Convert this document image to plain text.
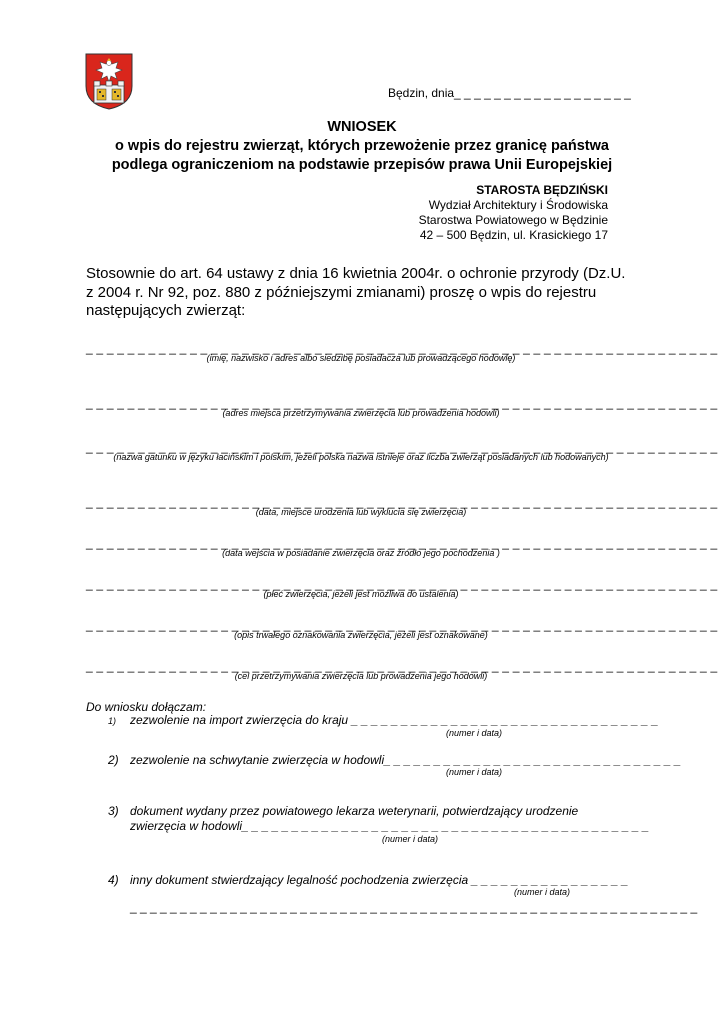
Będzin, dnia_ _ _ _ _ _ _ _ _ _ _ _ _ _ _ _ _ _
WNIOSEK
o wpis do rejestru zwierząt, których przewożenie przez granicę państwa
podlega ograniczeniom na podstawie przepisów prawa Unii Europejskiej
STAROSTA BĘDZIŃSKI
Wydział Architektury i Środowiska
Starostwa Powiatowego w Będzinie
42 – 500 Będzin, ul. Krasickiego 17
Stosownie do art. 64 ustawy z dnia 16 kwietnia 2004r. o ochronie przyrody (Dz.U. z 2004 r. Nr 92, poz. 880 z późniejszymi zmianami) proszę o wpis do rejestru następujących zwierząt:
_ _ _ _ _ _ _ _ _ _ _ _ _ _ _ _ _ _ _ _ _ _ _ _ _ _ _ _ _ _ _ _ _ _ _ _ _ _ _ _ _ _ _ _ _ _ _ _ _ _ _ _ _ _ _ _ _ _ _ _ _
(imię, nazwisko i adres albo siedzibę posiadacza lub prowadzącego hodowlę)
_ _ _ _ _ _ _ _ _ _ _ _ _ _ _ _ _ _ _ _ _ _ _ _ _ _ _ _ _ _ _ _ _ _ _ _ _ _ _ _ _ _ _ _ _ _ _ _ _ _ _ _ _ _ _ _ _ _ _ _ _
(adres miejsca przetrzymywania zwierzęcia lub prowadzenia hodowli)
_ _ _ _ _ _ _ _ _ _ _ _ _ _ _ _ _ _ _ _ _ _ _ _ _ _ _ _ _ _ _ _ _ _ _ _ _ _ _ _ _ _ _ _ _ _ _ _ _ _ _ _ _ _ _ _ _ _ _ _ _
(nazwa gatunku w języku łacińskim i polskim, jeżeli polska nazwa istnieje oraz liczba zwierząt posiadanych lub hodowanych)
_ _ _ _ _ _ _ _ _ _ _ _ _ _ _ _ _ _ _ _ _ _ _ _ _ _ _ _ _ _ _ _ _ _ _ _ _ _ _ _ _ _ _ _ _ _ _ _ _ _ _ _ _ _ _ _ _ _ _ _ _
(data, miejsce urodzenia lub wyklucia się zwierzęcia)
_ _ _ _ _ _ _ _ _ _ _ _ _ _ _ _ _ _ _ _ _ _ _ _ _ _ _ _ _ _ _ _ _ _ _ _ _ _ _ _ _ _ _ _ _ _ _ _ _ _ _ _ _ _ _ _ _ _ _ _ _
(data wejścia w posiadanie zwierzęcia oraz źródło jego pochodzenia )
_ _ _ _ _ _ _ _ _ _ _ _ _ _ _ _ _ _ _ _ _ _ _ _ _ _ _ _ _ _ _ _ _ _ _ _ _ _ _ _ _ _ _ _ _ _ _ _ _ _ _ _ _ _ _ _ _ _ _ _ _
(płeć zwierzęcia, jeżeli jest możliwa do ustalenia)
_ _ _ _ _ _ _ _ _ _ _ _ _ _ _ _ _ _ _ _ _ _ _ _ _ _ _ _ _ _ _ _ _ _ _ _ _ _ _ _ _ _ _ _ _ _ _ _ _ _ _ _ _ _ _ _ _ _ _ _ _
(opis trwałego oznakowania zwierzęcia, jeżeli jest oznakowane)
_ _ _ _ _ _ _ _ _ _ _ _ _ _ _ _ _ _ _ _ _ _ _ _ _ _ _ _ _ _ _ _ _ _ _ _ _ _ _ _ _ _ _ _ _ _ _ _ _ _ _ _ _ _ _ _ _ _ _ _ _
(cel przetrzymywania zwierzęcia lub prowadzenia jego hodowli)
Do wniosku dołączam:
1) zezwolenie na import zwierzęcia do kraju _ _ _ _ _ _ _ _ _ _ _ _ _ _ _ _ _ _ _ _ _ _ _ _ _ _ _ _ _ _ _
(numer i data)
2) zezwolenie na schwytanie zwierzęcia w hodowli_ _ _ _ _ _ _ _ _ _ _ _ _ _ _ _ _ _ _ _ _ _ _ _ _ _ _ _ _ _
(numer i data)
3) dokument wydany przez powiatowego lekarza weterynarii, potwierdzający urodzenie
zwierzęcia w hodowli_ _ _ _ _ _ _ _ _ _ _ _ _ _ _ _ _ _ _ _ _ _ _ _ _ _ _ _ _ _ _ _ _ _ _ _ _ _ _ _ _
(numer i data)
4) inny dokument stwierdzający legalność pochodzenia zwierzęcia _ _ _ _ _ _ _ _ _ _ _ _ _ _ _ _
(numer i data)
_ _ _ _ _ _ _ _ _ _ _ _ _ _ _ _ _ _ _ _ _ _ _ _ _ _ _ _ _ _ _ _ _ _ _ _ _ _ _ _ _ _ _ _ _ _ _ _ _ _ _ _ _ _ _ _ _
